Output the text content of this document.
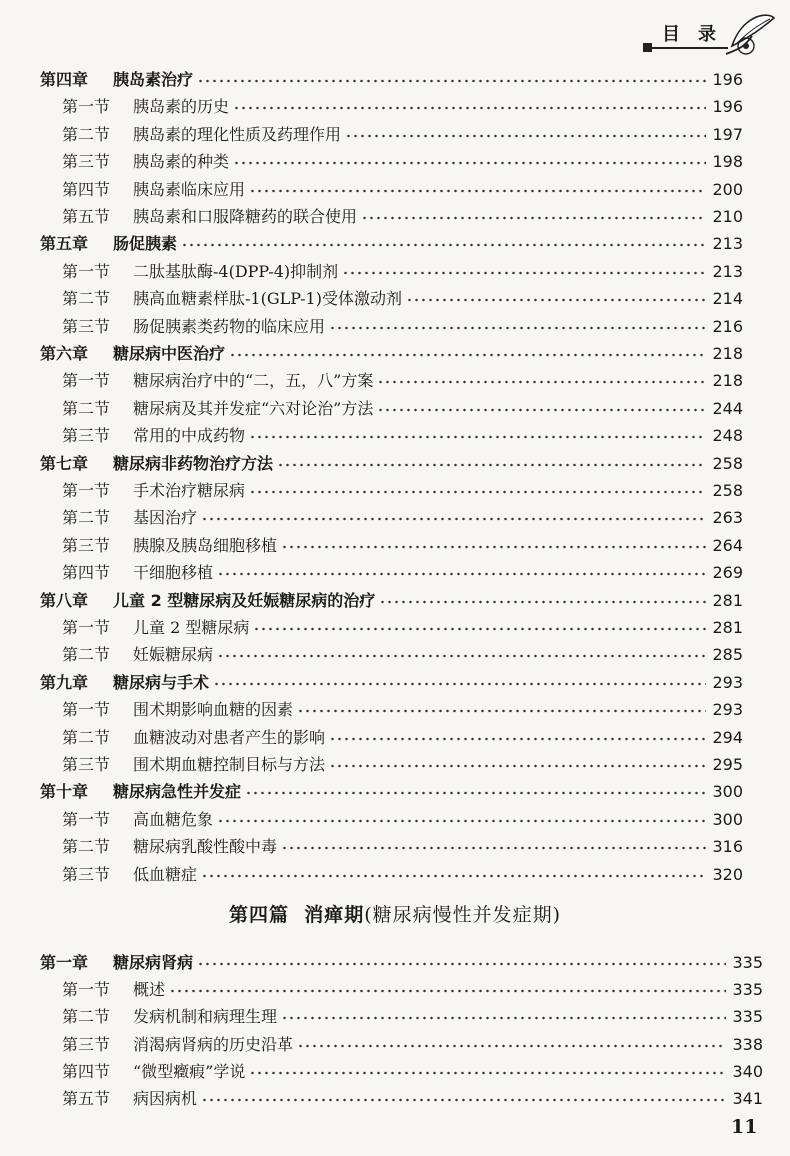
目录
第四章 胰岛素治疗	196
第一节 胰岛素的历史	196
第二节 胰岛素的理化性质及药理作用	197
第三节 胰岛素的种类	198
第四节 胰岛素临床应用	200
第五节 胰岛素和口服降糖药的联合使用	210
第五章 肠促胰素	213
第一节 二肽基肽酶-4(DPP-4)抑制剂	213
第二节 胰高血糖素样肽-1(GLP-1)受体激动剂	214
第三节 肠促胰素类药物的临床应用	216
第六章 糖尿病中医治疗	218
第一节 糖尿病治疗中的“二，五，八”方案	218
第二节 糖尿病及其并发症“六对论治”方法	244
第三节 常用的中成药物	248
第七章 糖尿病非药物治疗方法	258
第一节 手术治疗糖尿病	258
第二节 基因治疗	263
第三节 胰腺及胰岛细胞移植	264
第四节 干细胞移植	269
第八章 儿童 2 型糖尿病及妊娠糖尿病的治疗	281
第一节 儿童 2 型糖尿病	281
第二节 妊娠糖尿病	285
第九章 糖尿病与手术	293
第一节 围术期影响血糖的因素	293
第二节 血糖波动对患者产生的影响	294
第三节 围术期血糖控制目标与方法	295
第十章 糖尿病急性并发症	300
第一节 高血糖危象	300
第二节 糖尿病乳酸性酸中毒	316
第三节 低血糖症	320
第一章 糖尿病肾病	335
第一节 概述	335
第二节 发病机制和病理生理	335
第三节 消渴病肾病的历史沿革	338
第四节 “微型癥瘕”学说	340
第五节 病因病机	341
第四篇 消瘅期(糖尿病慢性并发症期)
11
